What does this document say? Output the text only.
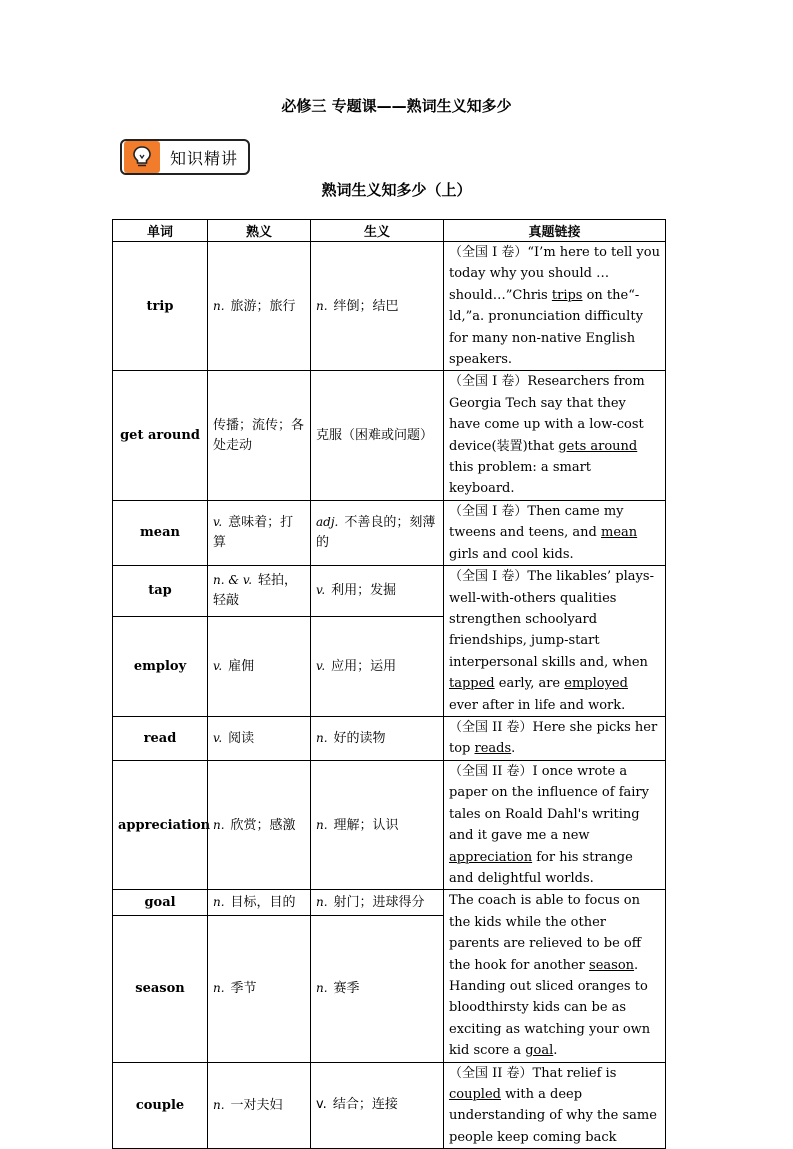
必修三 专题课——熟词生义知多少
知识精讲
熟词生义知多少（上）
单词	熟义	生义	真题链接
trip	n. 旅游；旅行	n. 绊倒；结巴	（全国 I 卷）“I’m here to tell you today why you should … should…”Chris trips on the“-ld,”a. pronunciation difficulty for many non-native English speakers.
get around	传播；流传；各处走动	克服（困难或问题）	（全国 I 卷）Researchers from Georgia Tech say that they have come up with a low-cost device(装置)that gets around this problem: a smart keyboard.
mean	v. 意味着；打算	adj. 不善良的；刻薄的	（全国 I 卷）Then came my tweens and teens, and mean girls and cool kids.
tap	n. & v. 轻拍，轻敲	v. 利用；发掘	（全国 I 卷）The likables’ plays-well-with-others qualities strengthen schoolyard friendships, jump-start interpersonal skills and, when tapped early, are employed ever after in life and work.
employ	v. 雇佣	v. 应用；运用	
read	v. 阅读	n. 好的读物	（全国 II 卷）Here she picks her top reads.
appreciation	n. 欣赏；感激	n. 理解；认识	（全国 II 卷）I once wrote a paper on the influence of fairy tales on Roald Dahl's writing and it gave me a new appreciation for his strange and delightful worlds.
goal	n. 目标，目的	n. 射门；进球得分	The coach is able to focus on the kids while the other parents are relieved to be off the hook for another season. Handing out sliced oranges to bloodthirsty kids can be as exciting as watching your own kid score a goal.
season	n. 季节	n. 赛季	
couple	n. 一对夫妇	v. 结合；连接	（全国 II 卷）That relief is coupled with a deep understanding of why the same people keep coming back
